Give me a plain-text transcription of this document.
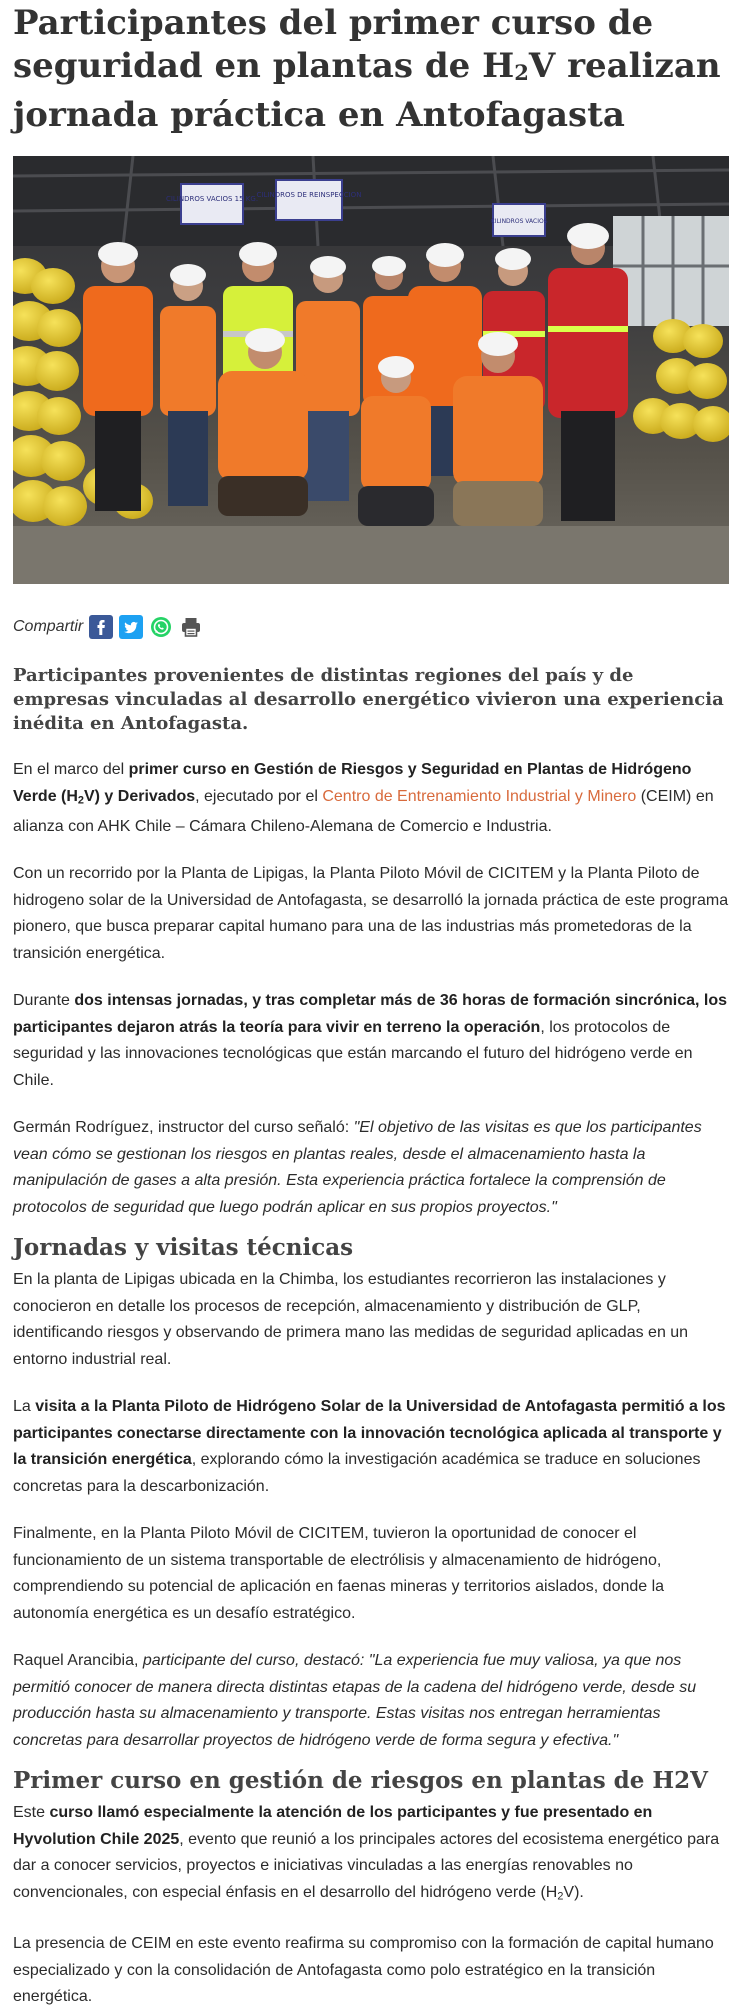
Participantes del primer curso de seguridad en plantas de H2V realizan jornada práctica en Antofagasta
CILINDROS VACIOS 15 KG.
CILINDROS DE REINSPECCION
CILINDROS VACIOS
Compartir
Participantes provenientes de distintas regiones del país y de empresas vinculadas al desarrollo energético vivieron una experiencia inédita en Antofagasta.

En el marco del primer curso en Gestión de Riesgos y Seguridad en Plantas de Hidrógeno Verde (H2V) y Derivados, ejecutado por el Centro de Entrenamiento Industrial y Minero (CEIM) en alianza con AHK Chile – Cámara Chileno-Alemana de Comercio e Industria.

Con un recorrido por la Planta de Lipigas, la Planta Piloto Móvil de CICITEM y la Planta Piloto de hidrogeno solar de la Universidad de Antofagasta, se desarrolló la jornada práctica de este programa pionero, que busca preparar capital humano para una de las industrias más prometedoras de la transición energética.

Durante dos intensas jornadas, y tras completar más de 36 horas de formación sincrónica, los participantes dejaron atrás la teoría para vivir en terreno la operación, los protocolos de seguridad y las innovaciones tecnológicas que están marcando el futuro del hidrógeno verde en Chile.

Germán Rodríguez, instructor del curso señaló: "El objetivo de las visitas es que los participantes vean cómo se gestionan los riesgos en plantas reales, desde el almacenamiento hasta la manipulación de gases a alta presión. Esta experiencia práctica fortalece la comprensión de protocolos de seguridad que luego podrán aplicar en sus propios proyectos."

Jornadas y visitas técnicas

En la planta de Lipigas ubicada en la Chimba, los estudiantes recorrieron las instalaciones y conocieron en detalle los procesos de recepción, almacenamiento y distribución de GLP, identificando riesgos y observando de primera mano las medidas de seguridad aplicadas en un entorno industrial real.

La visita a la Planta Piloto de Hidrógeno Solar de la Universidad de Antofagasta permitió a los participantes conectarse directamente con la innovación tecnológica aplicada al transporte y la transición energética, explorando cómo la investigación académica se traduce en soluciones concretas para la descarbonización.

Finalmente, en la Planta Piloto Móvil de CICITEM, tuvieron la oportunidad de conocer el funcionamiento de un sistema transportable de electrólisis y almacenamiento de hidrógeno, comprendiendo su potencial de aplicación en faenas mineras y territorios aislados, donde la autonomía energética es un desafío estratégico.

Raquel Arancibia, participante del curso, destacó: "La experiencia fue muy valiosa, ya que nos permitió conocer de manera directa distintas etapas de la cadena del hidrógeno verde, desde su producción hasta su almacenamiento y transporte. Estas visitas nos entregan herramientas concretas para desarrollar proyectos de hidrógeno verde de forma segura y efectiva."

Primer curso en gestión de riesgos en plantas de H2V

Este curso llamó especialmente la atención de los participantes y fue presentado en Hyvolution Chile 2025, evento que reunió a los principales actores del ecosistema energético para dar a conocer servicios, proyectos e iniciativas vinculadas a las energías renovables no convencionales, con especial énfasis en el desarrollo del hidrógeno verde (H2V).

La presencia de CEIM en este evento reafirma su compromiso con la formación de capital humano especializado y con la consolidación de Antofagasta como polo estratégico en la transición energética.
